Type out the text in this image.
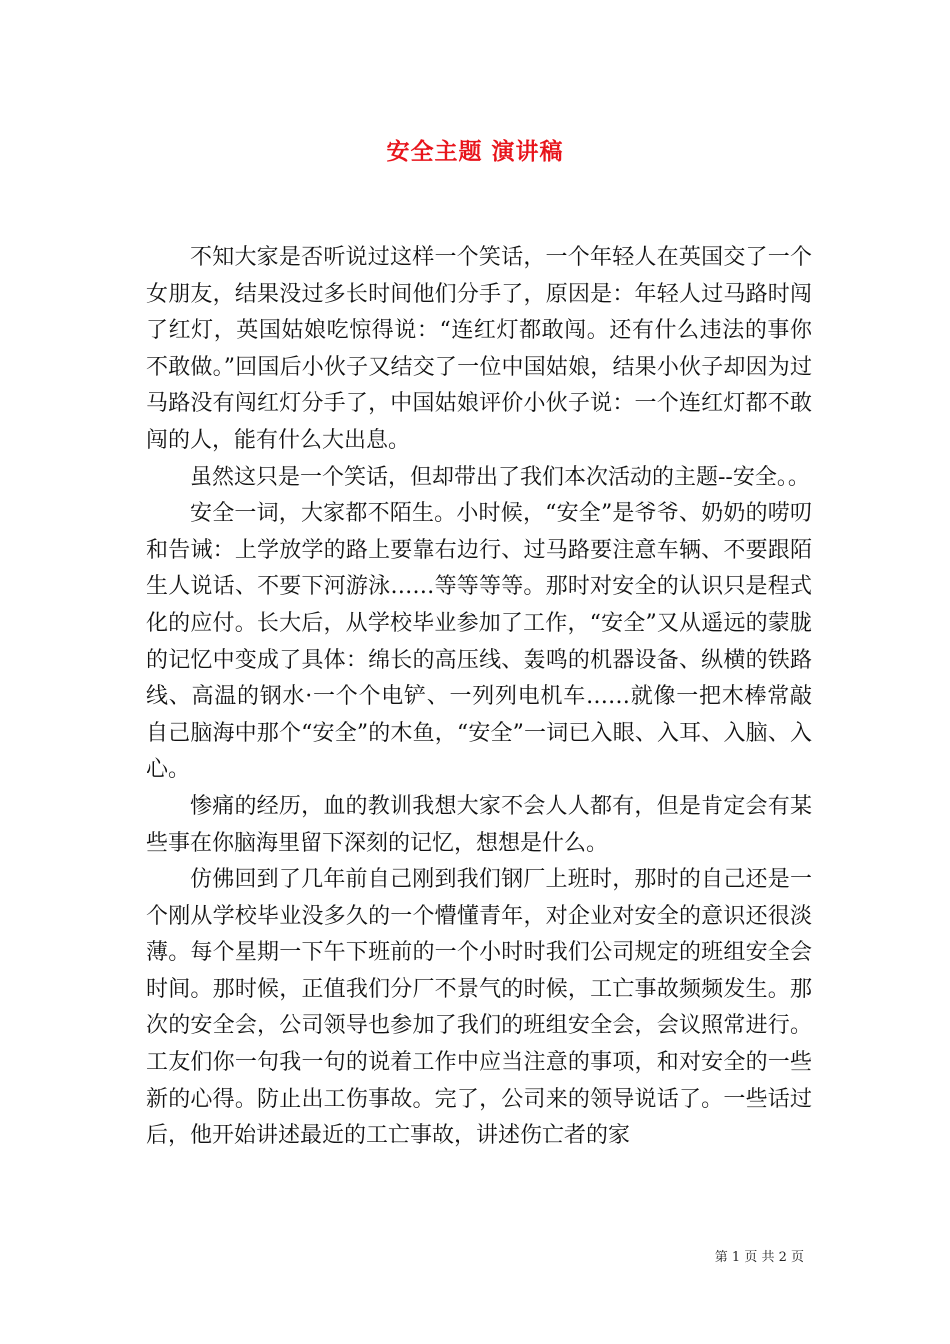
安全主题 演讲稿

不知大家是否听说过这样一个笑话，一个年轻人在英国交了一个女朋友，结果没过多长时间他们分手了，原因是：年轻人过马路时闯了红灯，英国姑娘吃惊得说：“连红灯都敢闯。还有什么违法的事你不敢做。”回国后小伙子又结交了一位中国姑娘，结果小伙子却因为过马路没有闯红灯分手了，中国姑娘评价小伙子说：一个连红灯都不敢闯的人，能有什么大出息。

虽然这只是一个笑话，但却带出了我们本次活动的主题--安全。。

安全一词，大家都不陌生。小时候，“安全”是爷爷、奶奶的唠叨和告诫：上学放学的路上要靠右边行、过马路要注意车辆、不要跟陌生人说话、不要下河游泳……等等等等。那时对安全的认识只是程式化的应付。长大后，从学校毕业参加了工作，“安全”又从遥远的蒙胧的记忆中变成了具体：绵长的高压线、轰鸣的机器设备、纵横的铁路线、高温的钢水·一个个电铲、一列列电机车……就像一把木棒常敲自己脑海中那个“安全”的木鱼，“安全”一词已入眼、入耳、入脑、入心。

惨痛的经历，血的教训我想大家不会人人都有，但是肯定会有某些事在你脑海里留下深刻的记忆，想想是什么。

仿佛回到了几年前自己刚到我们钢厂上班时，那时的自己还是一个刚从学校毕业没多久的一个懵懂青年，对企业对安全的意识还很淡薄。每个星期一下午下班前的一个小时时我们公司规定的班组安全会时间。那时候，正值我们分厂不景气的时候，工亡事故频频发生。那次的安全会，公司领导也参加了我们的班组安全会，会议照常进行。工友们你一句我一句的说着工作中应当注意的事项，和对安全的一些新的心得。防止出工伤事故。完了，公司来的领导说话了。一些话过后，他开始讲述最近的工亡事故，讲述伤亡者的家

第 1 页 共 2 页
